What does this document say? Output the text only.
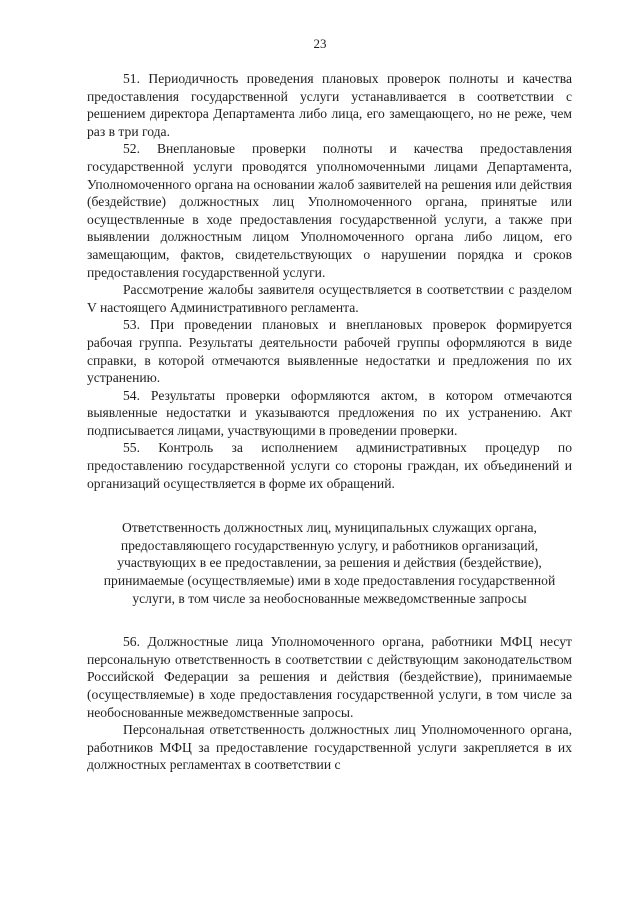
23

51. Периодичность проведения плановых проверок полноты и качества предоставления государственной услуги устанавливается в соответствии с решением директора Департамента либо лица, его замещающего, но не реже, чем раз в три года.

52. Внеплановые проверки полноты и качества предоставления государственной услуги проводятся уполномоченными лицами Департамента, Уполномоченного органа на основании жалоб заявителей на решения или действия (бездействие) должностных лиц Уполномоченного органа, принятые или осуществленные в ходе предоставления государственной услуги, а также при выявлении должностным лицом Уполномоченного органа либо лицом, его замещающим, фактов, свидетельствующих о нарушении порядка и сроков предоставления государственной услуги.

Рассмотрение жалобы заявителя осуществляется в соответствии с разделом V настоящего Административного регламента.

53. При проведении плановых и внеплановых проверок формируется рабочая группа. Результаты деятельности рабочей группы оформляются в виде справки, в которой отмечаются выявленные недостатки и предложения по их устранению.

54. Результаты проверки оформляются актом, в котором отмечаются выявленные недостатки и указываются предложения по их устранению. Акт подписывается лицами, участвующими в проведении проверки.

55. Контроль за исполнением административных процедур по предоставлению государственной услуги со стороны граждан, их объединений и организаций осуществляется в форме их обращений.

Ответственность должностных лиц, муниципальных служащих органа, предоставляющего государственную услугу, и работников организаций, участвующих в ее предоставлении, за решения и действия (бездействие), принимаемые (осуществляемые) ими в ходе предоставления государственной услуги, в том числе за необоснованные межведомственные запросы

56. Должностные лица Уполномоченного органа, работники МФЦ несут персональную ответственность в соответствии с действующим законодательством Российской Федерации за решения и действия (бездействие), принимаемые (осуществляемые) в ходе предоставления государственной услуги, в том числе за необоснованные межведомственные запросы.

Персональная ответственность должностных лиц Уполномоченного органа, работников МФЦ за предоставление государственной услуги закрепляется в их должностных регламентах в соответствии с
